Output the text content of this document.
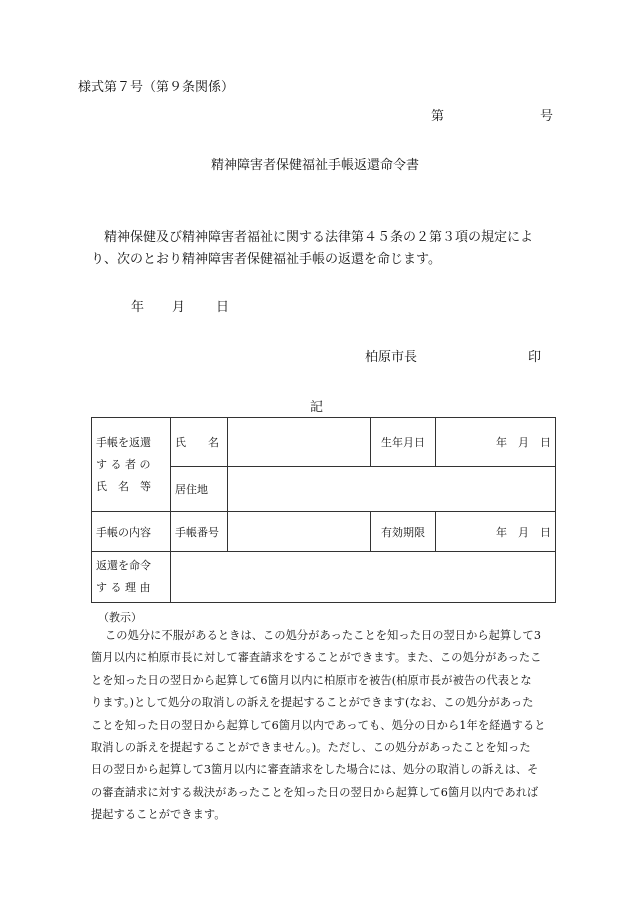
様式第７号（第９条関係）
第	号
精神障害者保健福祉手帳返還命令書
精神保健及び精神障害者福祉に関する法律第４５条の２第３項の規定によ
り、次のとおり精神障害者保健福祉手帳の返還を命じます。
年 月 日
柏原市長	印
記
手帳を返還
す る 者 の
氏　名　等	氏　　名		生年月日	年　月　日
	居住地			
手帳の内容	手帳番号		有効期限	年　月　日

返還を命令
す る 理 由				

（教示）
この処分に不服があるときは、この処分があったことを知った日の翌日から起算して3
箇月以内に柏原市長に対して審査請求をすることができます。また、この処分があったこ
とを知った日の翌日から起算して6箇月以内に柏原市を被告(柏原市長が被告の代表とな
ります。)として処分の取消しの訴えを提起することができます(なお、この処分があった
ことを知った日の翌日から起算して6箇月以内であっても、処分の日から1年を経過すると
取消しの訴えを提起することができません。)。ただし、この処分があったことを知った
日の翌日から起算して3箇月以内に審査請求をした場合には、処分の取消しの訴えは、そ
の審査請求に対する裁決があったことを知った日の翌日から起算して6箇月以内であれば
提起することができます。
